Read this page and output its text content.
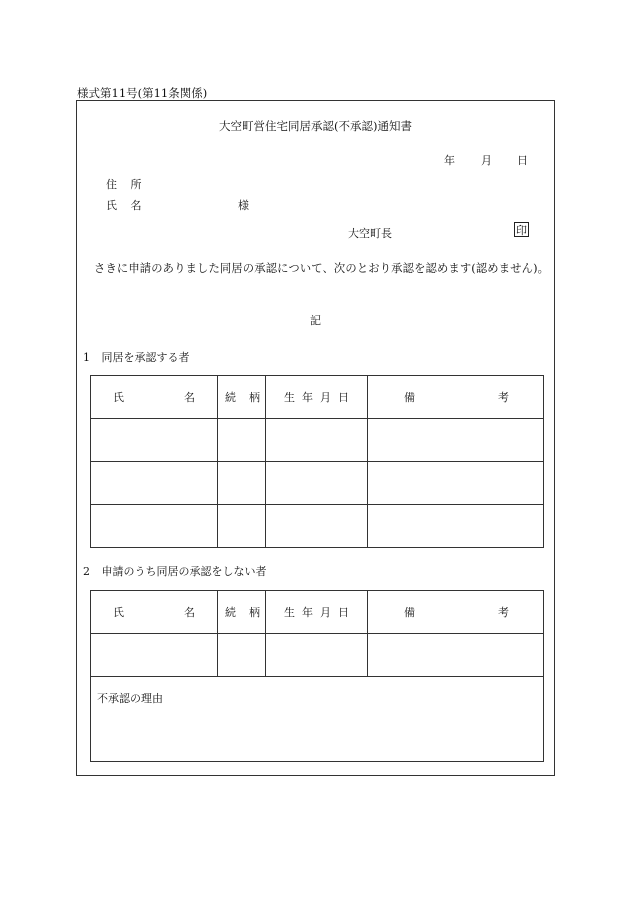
様式第11号(第11条関係)
大空町営住宅同居承認(不承認)通知書
年 月 日
住 所
氏 名	様
大空町長	印
さきに申請のありました同居の承認について、次のとおり承認を認めます(認めません)。
記
1 同居を承認する者
氏 名	続 柄	生 年 月 日	備 考

2 申請のうち同居の承認をしない者
氏 名	続 柄	生 年 月 日	備 考

不承認の理由			
